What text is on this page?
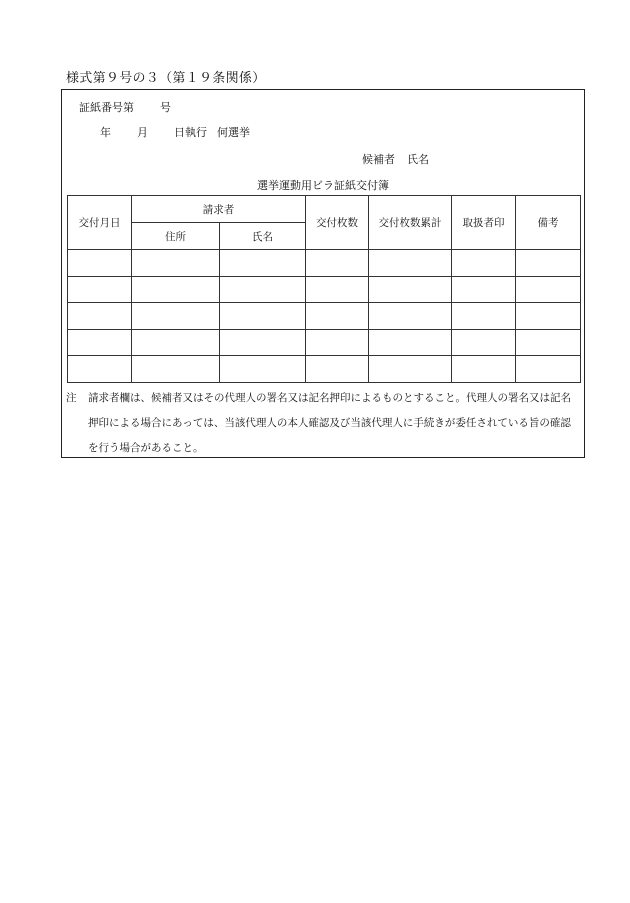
様式第９号の３（第１９条関係）
証紙番号第 号
年 月 日執行 何選挙
候補者 氏名
選挙運動用ビラ証紙交付簿
交付月日	請求者		交付枚数	交付枚数累計	取扱者印	備考
	住所	氏名				

注	請求者欄は、候補者又はその代理人の署名又は記名押印によるものとすること。代理人の署名又は記名押印による場合にあっては、当該代理人の本人確認及び当該代理人に手続きが委任されている旨の確認を行う場合があること。
